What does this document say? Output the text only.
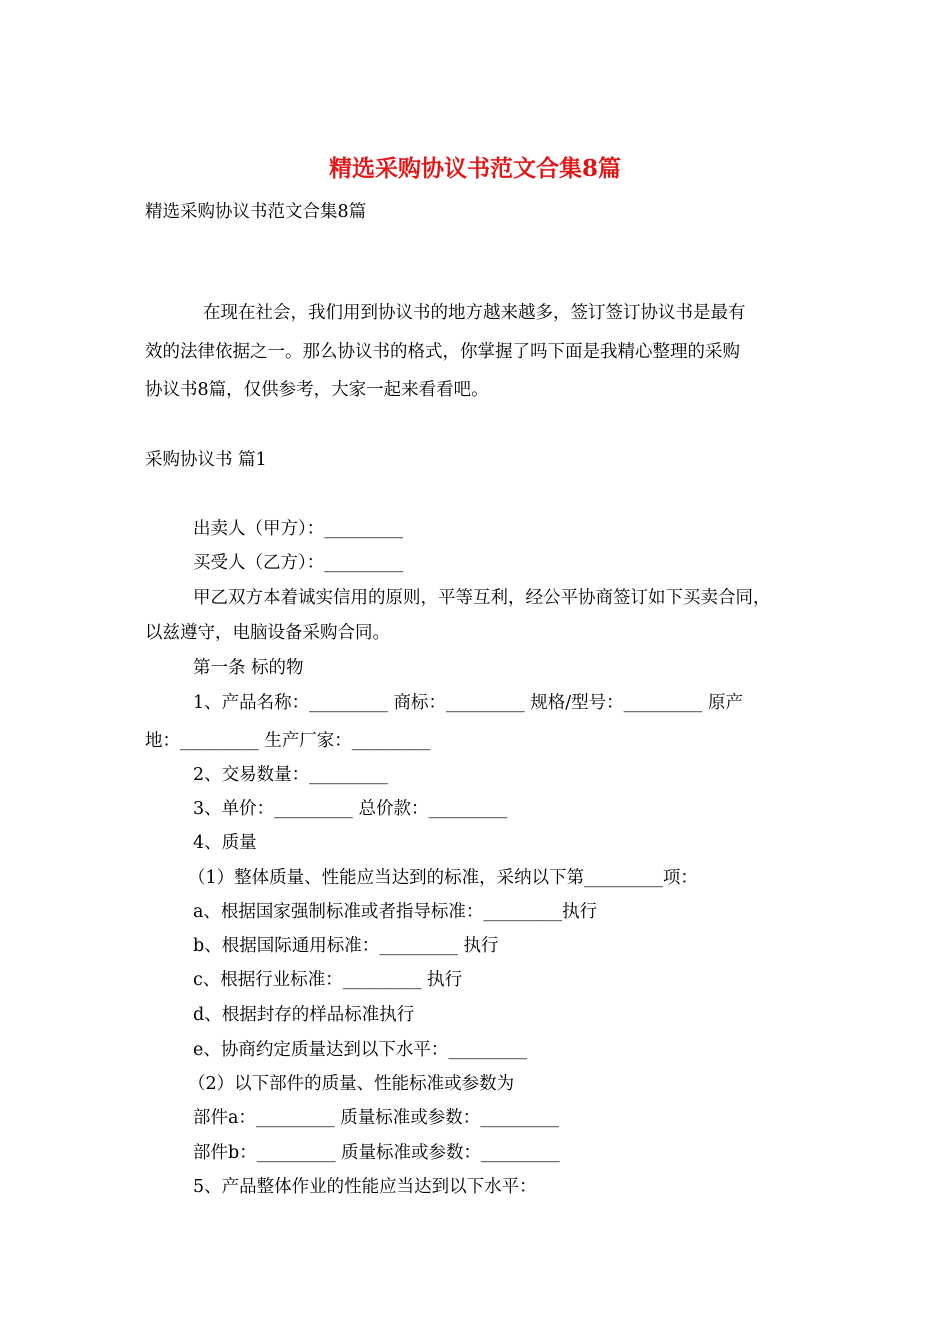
精选采购协议书范文合集8篇
精选采购协议书范文合集8篇
在现在社会，我们用到协议书的地方越来越多，签订签订协议书是最有
效的法律依据之一。那么协议书的格式，你掌握了吗下面是我精心整理的采购
协议书8篇，仅供参考，大家一起来看看吧。
采购协议书 篇1
出卖人（甲方）：_________
买受人（乙方）：_________
甲乙双方本着诚实信用的原则，平等互利，经公平协商签订如下买卖合同，
以兹遵守，电脑设备采购合同。
第一条 标的物
1、产品名称：_________ 商标：_________ 规格/型号：_________ 原产
地：_________ 生产厂家：_________
2、交易数量：_________
3、单价：_________ 总价款：_________
4、质量
（1）整体质量、性能应当达到的标准，采纳以下第_________项：
a、根据国家强制标准或者指导标准：_________执行
b、根据国际通用标准：_________ 执行
c、根据行业标准：_________ 执行
d、根据封存的样品标准执行
e、协商约定质量达到以下水平：_________
（2）以下部件的质量、性能标准或参数为
部件a：_________ 质量标准或参数：_________
部件b：_________ 质量标准或参数：_________
5、产品整体作业的性能应当达到以下水平：
